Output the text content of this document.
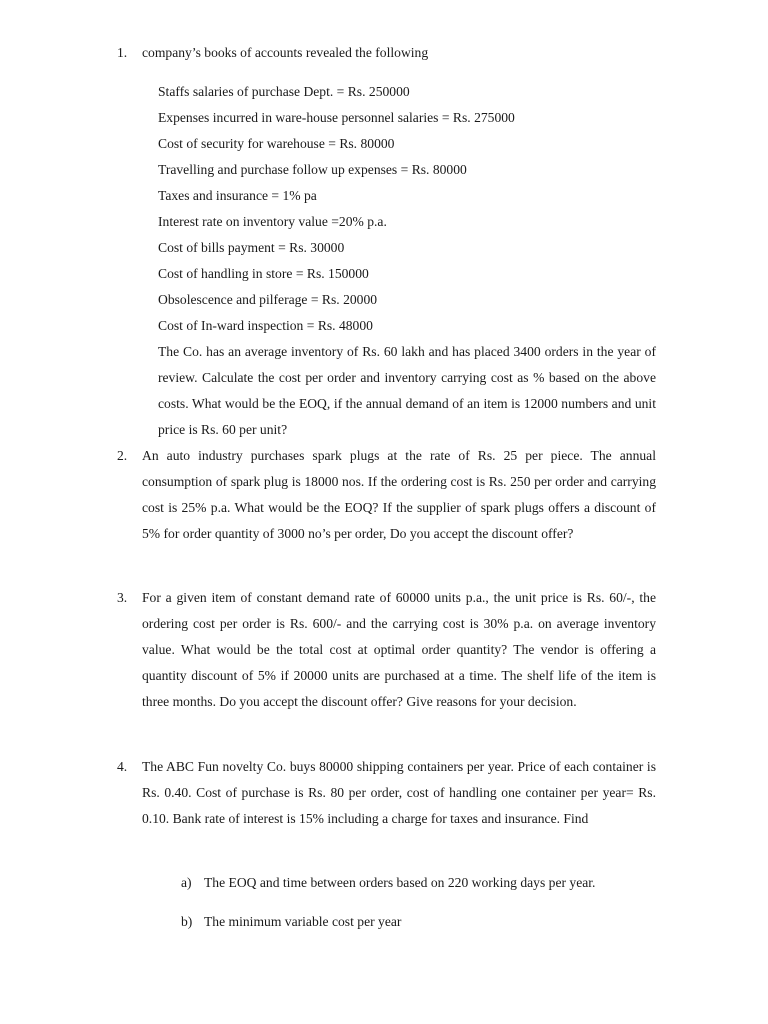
1. company’s books of accounts revealed the following
Staffs salaries of purchase Dept. = Rs. 250000
Expenses incurred in ware-house personnel salaries = Rs. 275000
Cost of security for warehouse = Rs. 80000
Travelling and purchase follow up expenses = Rs. 80000
Taxes and insurance = 1% pa
Interest rate on inventory value =20% p.a.
Cost of bills payment = Rs. 30000
Cost of handling in store = Rs. 150000
Obsolescence and pilferage = Rs. 20000
Cost of In-ward inspection = Rs. 48000
The Co. has an average inventory of Rs. 60 lakh and has placed 3400 orders in the year of review. Calculate the cost per order and inventory carrying cost as % based on the above costs. What would be the EOQ, if the annual demand of an item is 12000 numbers and unit price is Rs. 60 per unit?
2. An auto industry purchases spark plugs at the rate of Rs. 25 per piece. The annual consumption of spark plug is 18000 nos. If the ordering cost is Rs. 250 per order and carrying cost is 25% p.a. What would be the EOQ? If the supplier of spark plugs offers a discount of 5% for order quantity of 3000 no’s per order, Do you accept the discount offer?
3. For a given item of constant demand rate of 60000 units p.a., the unit price is Rs. 60/-, the ordering cost per order is Rs. 600/- and the carrying cost is 30% p.a. on average inventory value. What would be the total cost at optimal order quantity? The vendor is offering a quantity discount of 5% if 20000 units are purchased at a time. The shelf life of the item is three months. Do you accept the discount offer? Give reasons for your decision.
4. The ABC Fun novelty Co. buys 80000 shipping containers per year. Price of each container is Rs. 0.40. Cost of purchase is Rs. 80 per order, cost of handling one container per year= Rs. 0.10. Bank rate of interest is 15% including a charge for taxes and insurance. Find
a) The EOQ and time between orders based on 220 working days per year.
b) The minimum variable cost per year
